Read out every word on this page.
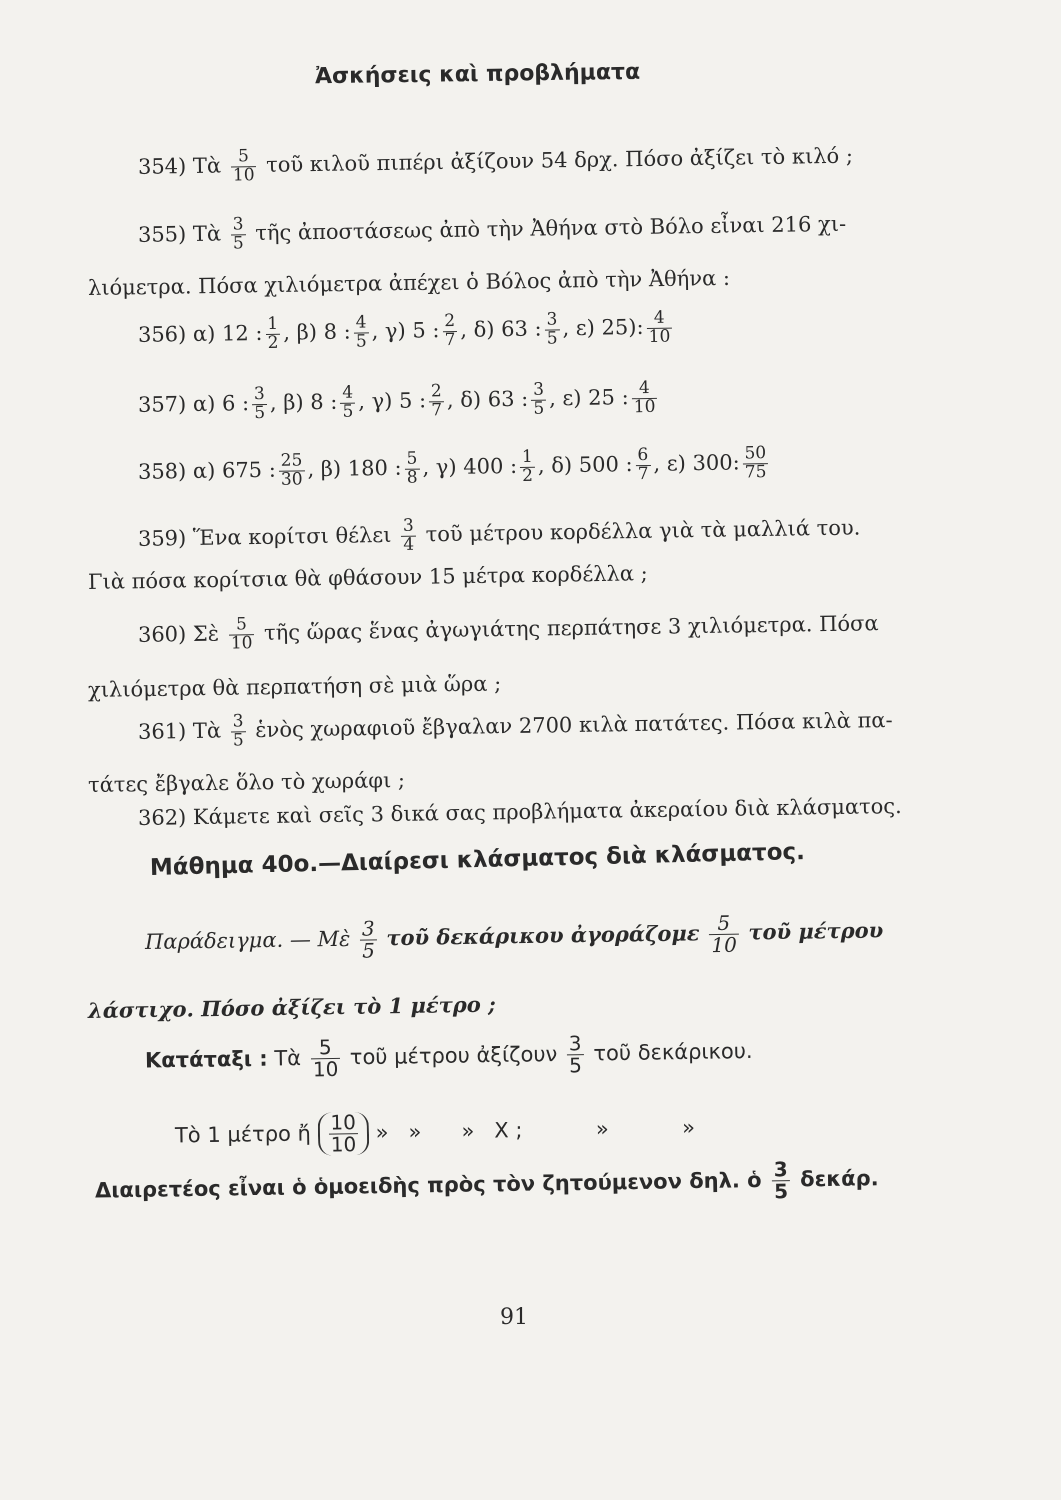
Ἀσκήσεις καὶ προβλήματα
354) Τὰ $\frac{5}{10}$ τοῦ κιλοῦ πιπέρι ἀξίζουν 54 δρχ. Πόσο ἀξίζει τὸ κιλό ;
355) Τὰ $\frac{3}{5}$ τῆς ἀποστάσεως ἀπὸ τὴν Ἀθήνα στὸ Βόλο εἶναι 216 χι-
λιόμετρα. Πόσα χιλιόμετρα ἀπέχει ὁ Βόλος ἀπὸ τὴν Ἀθήνα :
356) α) 12 : $\frac{1}{2}$ , β) 8 : $\frac{4}{5}$ , γ) 5 : $\frac{2}{7}$ , δ) 63 : $\frac{3}{5}$ , ε) 25): $\frac{4}{10}$
357) α) 6 : $\frac{3}{5}$ , β) 8 : $\frac{4}{5}$ , γ) 5 : $\frac{2}{7}$ , δ) 63 : $\frac{3}{5}$ , ε) 25 : $\frac{4}{10}$
358) α) 675 : $\frac{25}{30}$ , β) 180 : $\frac{5}{8}$ , γ) 400 : $\frac{1}{2}$ , δ) 500 : $\frac{6}{7}$ , ε) 300: $\frac{50}{75}$
359) Ἕνα κορίτσι θέλει $\frac{3}{4}$ τοῦ μέτρου κορδέλλα γιὰ τὰ μαλλιά του.
Γιὰ πόσα κορίτσια θὰ φθάσουν 15 μέτρα κορδέλλα ;
360) Σὲ $\frac{5}{10}$ τῆς ὥρας ἕνας ἀγωγιάτης περπάτησε 3 χιλιόμετρα. Πόσα
χιλιόμετρα θὰ περπατήση σὲ μιὰ ὥρα ;
361) Τὰ $\frac{3}{5}$ ἑνὸς χωραφιοῦ ἔβγαλαν 2700 κιλὰ πατάτες. Πόσα κιλὰ πα-
τάτες ἔβγαλε ὅλο τὸ χωράφι ;
362) Κάμετε καὶ σεῖς 3 δικά σας προβλήματα ἀκεραίου διὰ κλάσματος.
Μάθημα 40ο.—Διαίρεσι κλάσματος διὰ κλάσματος.
Παράδειγμα. — Μὲ $\frac{3}{5}$ τοῦ δεκάρικου ἀγοράζομε $\frac{5}{10}$ τοῦ μέτρου
λάστιχο. Πόσο ἀξίζει τὸ 1 μέτρο ;
Κατάταξι : Τὰ $\frac{5}{10}$ τοῦ μέτρου ἀξίζουν $\frac{3}{5}$ τοῦ δεκάρικου.
Τὸ 1 μέτρο ἤ $\frac{10}{10}$ »   »      »   X ;           »           »
Διαιρετέος εἶναι ὁ ὁμοειδὴς πρὸς τὸν ζητούμενον δηλ. ὁ $\frac{3}{5} \delta\varepsilon\kappa ά\rho$.
91
